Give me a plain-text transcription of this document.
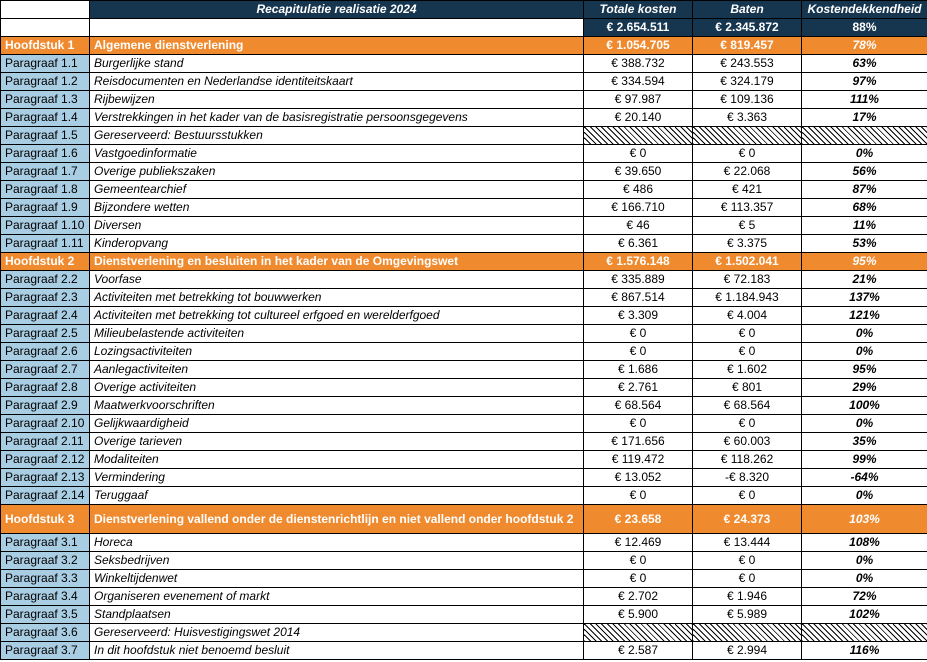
	Recapitulatie realisatie 2024	Totale kosten	Baten	Kostendekkendheid
		€ 2.654.511	€ 2.345.872	88%
Hoofdstuk 1	Algemene dienstverlening	€ 1.054.705	€ 819.457	78%
Paragraaf 1.1	Burgerlijke stand	€ 388.732	€ 243.553	63%
Paragraaf 1.2	Reisdocumenten en Nederlandse identiteitskaart	€ 334.594	€ 324.179	97%
Paragraaf 1.3	Rijbewijzen	€ 97.987	€ 109.136	111%
Paragraaf 1.4	Verstrekkingen in het kader van de basisregistratie persoonsgegevens	€ 20.140	€ 3.363	17%
Paragraaf 1.5	Gereserveerd: Bestuursstukken			
Paragraaf 1.6	Vastgoedinformatie	€ 0	€ 0	0%
Paragraaf 1.7	Overige publiekszaken	€ 39.650	€ 22.068	56%
Paragraaf 1.8	Gemeentearchief	€ 486	€ 421	87%
Paragraaf 1.9	Bijzondere wetten	€ 166.710	€ 113.357	68%
Paragraaf 1.10	Diversen	€ 46	€ 5	11%
Paragraaf 1.11	Kinderopvang	€ 6.361	€ 3.375	53%
Hoofdstuk 2	Dienstverlening en besluiten in het kader van de Omgevingswet	€ 1.576.148	€ 1.502.041	95%
Paragraaf 2.2	Voorfase	€ 335.889	€ 72.183	21%
Paragraaf 2.3	Activiteiten met betrekking tot bouwwerken	€ 867.514	€ 1.184.943	137%
Paragraaf 2.4	Activiteiten met betrekking tot cultureel erfgoed en werelderfgoed	€ 3.309	€ 4.004	121%
Paragraaf 2.5	Milieubelastende activiteiten	€ 0	€ 0	0%
Paragraaf 2.6	Lozingsactiviteiten	€ 0	€ 0	0%
Paragraaf 2.7	Aanlegactiviteiten	€ 1.686	€ 1.602	95%
Paragraaf 2.8	Overige activiteiten	€ 2.761	€ 801	29%
Paragraaf 2.9	Maatwerkvoorschriften	€ 68.564	€ 68.564	100%
Paragraaf 2.10	Gelijkwaardigheid	€ 0	€ 0	0%
Paragraaf 2.11	Overige tarieven	€ 171.656	€ 60.003	35%
Paragraaf 2.12	Modaliteiten	€ 119.472	€ 118.262	99%
Paragraaf 2.13	Vermindering	€ 13.052	-€ 8.320	-64%
Paragraaf 2.14	Teruggaaf	€ 0	€ 0	0%
Hoofdstuk 3	Dienstverlening vallend onder de dienstenrichtlijn en niet vallend onder hoofdstuk 2	€ 23.658	€ 24.373	103%
Paragraaf 3.1	Horeca	€ 12.469	€ 13.444	108%
Paragraaf 3.2	Seksbedrijven	€ 0	€ 0	0%
Paragraaf 3.3	Winkeltijdenwet	€ 0	€ 0	0%
Paragraaf 3.4	Organiseren evenement of markt	€ 2.702	€ 1.946	72%
Paragraaf 3.5	Standplaatsen	€ 5.900	€ 5.989	102%
Paragraaf 3.6	Gereserveerd: Huisvestigingswet 2014			
Paragraaf 3.7	In dit hoofdstuk niet benoemd besluit	€ 2.587	€ 2.994	116%
